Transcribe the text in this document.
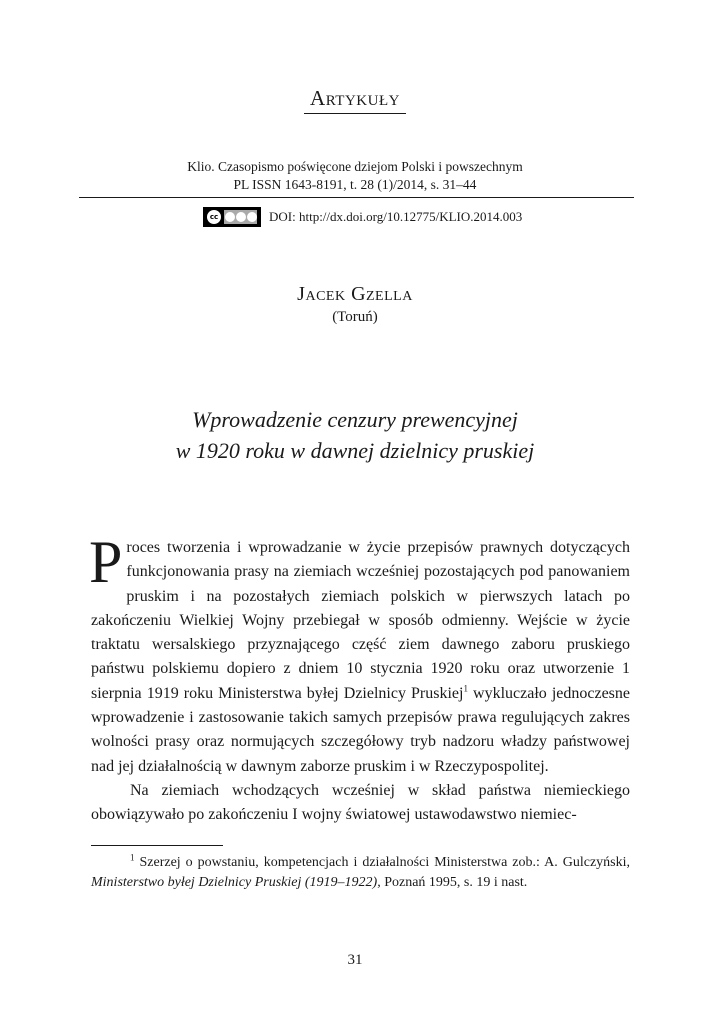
Artykuły
Klio. Czasopismo poświęcone dziejom Polski i powszechnym
PL ISSN 1643-8191, t. 28 (1)/2014, s. 31–44
cc	DOI: http://dx.doi.org/10.12775/KLIO.2014.003
Jacek Gzella
(Toruń)
Wprowadzenie cenzury prewencyjnej
w 1920 roku w dawnej dzielnicy pruskiej

Proces tworzenia i wprowadzanie w życie przepisów prawnych dotyczących funkcjonowania prasy na ziemiach wcześniej pozostających pod panowaniem pruskim i na pozostałych ziemiach polskich w pierwszych latach po zakończeniu Wielkiej Wojny przebiegał w sposób odmienny. Wejście w życie traktatu wersalskiego przyznającego część ziem dawnego zaboru pruskiego państwu polskiemu dopiero z dniem 10 stycznia 1920 roku oraz utworzenie 1 sierpnia 1919 roku Ministerstwa byłej Dzielnicy Pruskiej$^1$ wykluczało jednoczesne wprowadzenie i zastosowanie takich samych przepisów prawa regulujących zakres wolności prasy oraz normujących szczegółowy tryb nadzoru władzy państwowej nad jej działalnością w dawnym zaborze pruskim i w Rzeczypospolitej.

Na ziemiach wchodzących wcześniej w skład państwa niemieckiego obowiązywało po zakończeniu I wojny światowej ustawodawstwo niemiec-

$^1$ Szerzej o powstaniu, kompetencjach i działalności Ministerstwa zob.: A. Gulczyński, Ministerstwo byłej Dzielnicy Pruskiej (1919–1922), Poznań 1995, s. 19 i nast.
31
